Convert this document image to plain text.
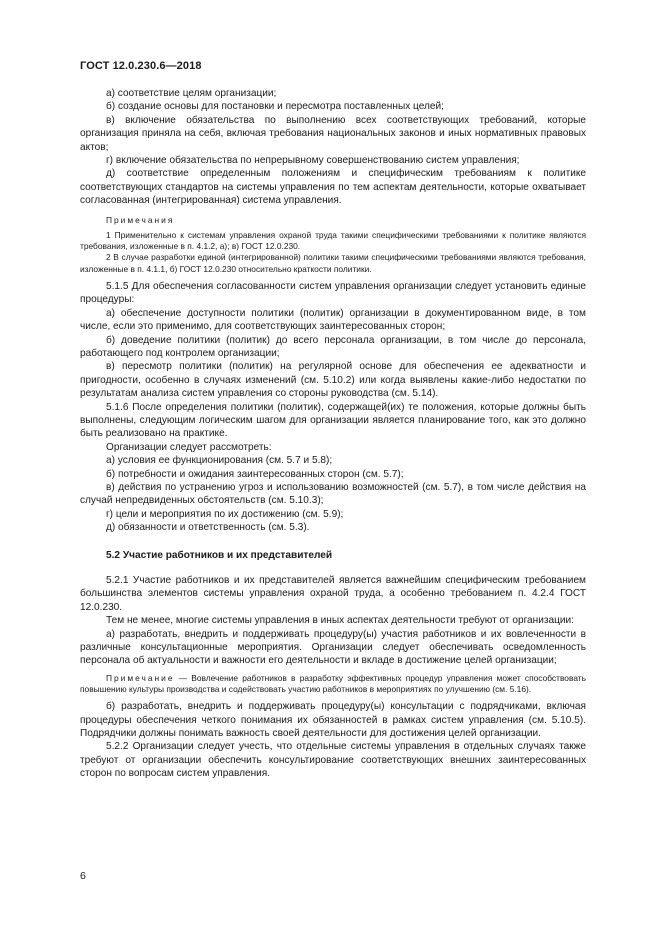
ГОСТ 12.0.230.6—2018

а) соответствие целям организации;

б) создание основы для постановки и пересмотра поставленных целей;

в) включение обязательства по выполнению всех соответствующих требований, которые организация приняла на себя, включая требования национальных законов и иных нормативных правовых актов;

г) включение обязательства по непрерывному совершенствованию систем управления;

д) соответствие определенным положениям и специфическим требованиям к политике соответствующих стандартов на системы управления по тем аспектам деятельности, которые охватывает согласованная (интегрированная) система управления.

Примечания

1 Применительно к системам управления охраной труда такими специфическими требованиями к политике являются требования, изложенные в п. 4.1.2, а); в) ГОСТ 12.0.230.

2 В случае разработки единой (интегрированной) политики такими специфическими требованиями являются требования, изложенные в п. 4.1.1, б) ГОСТ 12.0.230 относительно краткости политики.

5.1.5 Для обеспечения согласованности систем управления организации следует установить единые процедуры:

а) обеспечение доступности политики (политик) организации в документированном виде, в том числе, если это применимо, для соответствующих заинтересованных сторон;

б) доведение политики (политик) до всего персонала организации, в том числе до персонала, работающего под контролем организации;

в) пересмотр политики (политик) на регулярной основе для обеспечения ее адекватности и пригодности, особенно в случаях изменений (см. 5.10.2) или когда выявлены какие-либо недостатки по результатам анализа систем управления со стороны руководства (см. 5.14).

5.1.6 После определения политики (политик), содержащей(их) те положения, которые должны быть выполнены, следующим логическим шагом для организации является планирование того, как это должно быть реализовано на практике.

Организации следует рассмотреть:

а) условия ее функционирования (см. 5.7 и 5.8);

б) потребности и ожидания заинтересованных сторон (см. 5.7);

в) действия по устранению угроз и использованию возможностей (см. 5.7), в том числе действия на случай непредвиденных обстоятельств (см. 5.10.3);

г) цели и мероприятия по их достижению (см. 5.9);

д) обязанности и ответственность (см. 5.3).

5.2 Участие работников и их представителей

5.2.1 Участие работников и их представителей является важнейшим специфическим требованием большинства элементов системы управления охраной труда, а особенно требованием п. 4.2.4 ГОСТ 12.0.230.

Тем не менее, многие системы управления в иных аспектах деятельности требуют от организации:

а) разработать, внедрить и поддерживать процедуру(ы) участия работников и их вовлеченности в различные консультационные мероприятия. Организации следует обеспечивать осведомленность персонала об актуальности и важности его деятельности и вкладе в достижение целей организации;

Примечание — Вовлечение работников в разработку эффективных процедур управления может способствовать повышению культуры производства и содействовать участию работников в мероприятиях по улучшению (см. 5.16).

б) разработать, внедрить и поддерживать процедуру(ы) консультации с подрядчиками, включая процедуры обеспечения четкого понимания их обязанностей в рамках систем управления (см. 5.10.5). Подрядчики должны понимать важность своей деятельности для достижения целей организации.

5.2.2 Организации следует учесть, что отдельные системы управления в отдельных случаях также требуют от организации обеспечить консультирование соответствующих внешних заинтересованных сторон по вопросам систем управления.

6
